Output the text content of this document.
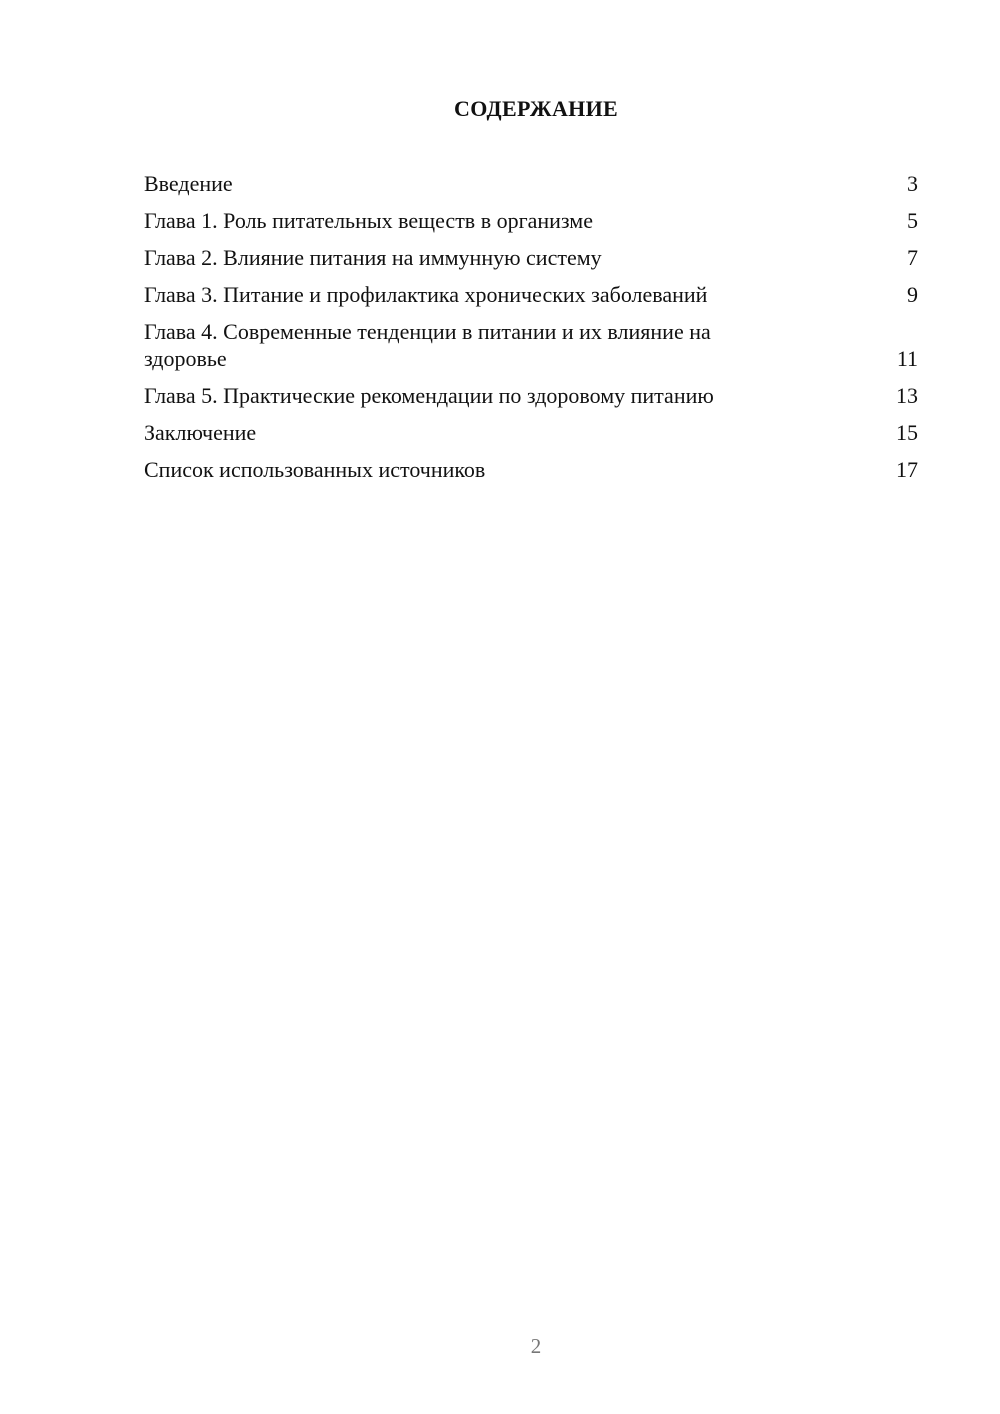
СОДЕРЖАНИЕ
Введение	3
Глава 1. Роль питательных веществ в организме	5
Глава 2. Влияние питания на иммунную систему	7
Глава 3. Питание и профилактика хронических заболеваний	9
Глава 4. Современные тенденции в питании и их влияние на здоровье	11
Глава 5. Практические рекомендации по здоровому питанию	13
Заключение	15
Список использованных источников	17
2
